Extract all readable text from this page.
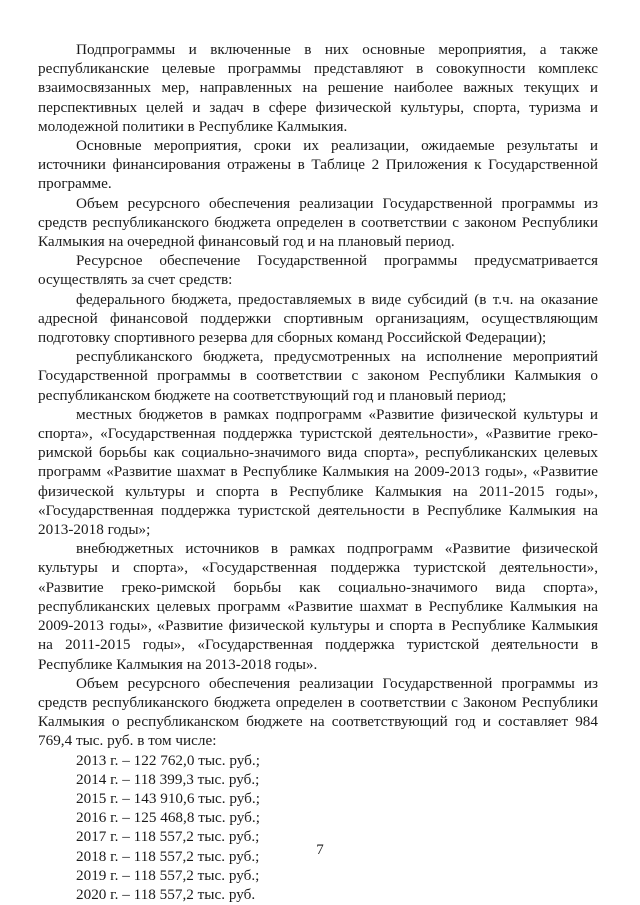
Подпрограммы и включенные в них основные мероприятия, а также республиканские целевые программы представляют в совокупности комплекс взаимосвязанных мер, направленных на решение наиболее важных текущих и перспективных целей и задач в сфере физической культуры, спорта, туризма и молодежной политики в Республике Калмыкия.

Основные мероприятия, сроки их реализации, ожидаемые результаты и источники финансирования отражены в Таблице 2 Приложения к Государственной программе.

Объем ресурсного обеспечения реализации Государственной программы из средств республиканского бюджета определен в соответствии с законом Республики Калмыкия на очередной финансовый год и на плановый период.

Ресурсное обеспечение Государственной программы предусматривается осуществлять за счет средств:

федерального бюджета, предоставляемых в виде субсидий (в т.ч. на оказание адресной финансовой поддержки спортивным организациям, осуществляющим подготовку спортивного резерва для сборных команд Российской Федерации);

республиканского бюджета, предусмотренных на исполнение мероприятий Государственной программы в соответствии с законом Республики Калмыкия о республиканском бюджете на соответствующий год и плановый период;

местных бюджетов в рамках подпрограмм «Развитие физической культуры и спорта», «Государственная поддержка туристской деятельности», «Развитие греко-римской борьбы как социально-значимого вида спорта», республиканских целевых программ «Развитие шахмат в Республике Калмыкия на 2009-2013 годы», «Развитие физической культуры и спорта в Республике Калмыкия на 2011-2015 годы», «Государственная поддержка туристской деятельности в Республике Калмыкия на 2013-2018 годы»;

внебюджетных источников в рамках подпрограмм «Развитие физической культуры и спорта», «Государственная поддержка туристской деятельности», «Развитие греко-римской борьбы как социально-значимого вида спорта», республиканских целевых программ «Развитие шахмат в Республике Калмыкия на 2009-2013 годы», «Развитие физической культуры и спорта в Республике Калмыкия на 2011-2015 годы», «Государственная поддержка туристской деятельности в Республике Калмыкия на 2013-2018 годы».

Объем ресурсного обеспечения реализации Государственной программы из средств республиканского бюджета определен в соответствии с Законом Республики Калмыкия о республиканском бюджете на соответствующий год и составляет 984 769,4 тыс. руб. в том числе:

2013 г. – 122 762,0 тыс. руб.;
2014 г. – 118 399,3 тыс. руб.;
2015 г. – 143 910,6 тыс. руб.;
2016 г. – 125 468,8 тыс. руб.;
2017 г. – 118 557,2 тыс. руб.;
2018 г. – 118 557,2 тыс. руб.;
2019 г. – 118 557,2 тыс. руб.;
2020 г. – 118 557,2 тыс. руб.
7
